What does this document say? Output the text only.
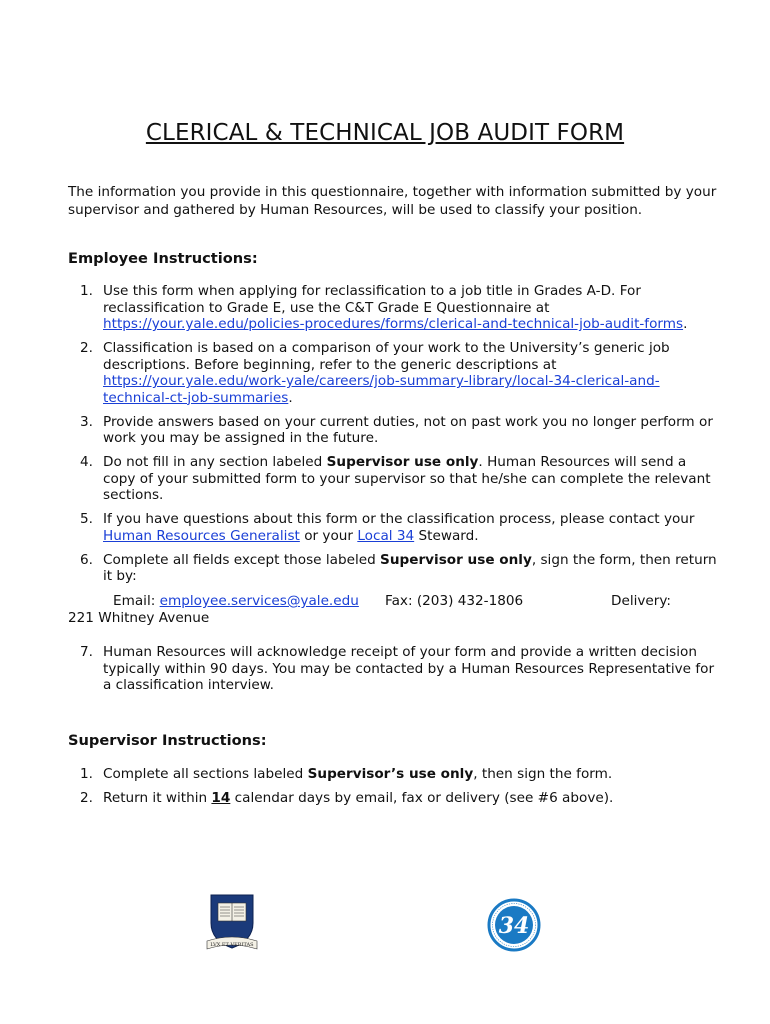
CLERICAL & TECHNICAL JOB AUDIT FORM
The information you provide in this questionnaire, together with information submitted by your supervisor and gathered by Human Resources, will be used to classify your position.
Employee Instructions:
1. Use this form when applying for reclassification to a job title in Grades A-D. For reclassification to Grade E, use the C&T Grade E Questionnaire at https://your.yale.edu/policies-procedures/forms/clerical-and-technical-job-audit-forms.
2. Classification is based on a comparison of your work to the University’s generic job descriptions. Before beginning, refer to the generic descriptions at https://your.yale.edu/work-yale/careers/job-summary-library/local-34-clerical-and-technical-ct-job-summaries.
3. Provide answers based on your current duties, not on past work you no longer perform or work you may be assigned in the future.
4. Do not fill in any section labeled Supervisor use only. Human Resources will send a copy of your submitted form to your supervisor so that he/she can complete the relevant sections.
5. If you have questions about this form or the classification process, please contact your Human Resources Generalist or your Local 34 Steward.
6. Complete all fields except those labeled Supervisor use only, sign the form, then return it by:
Email: employee.services@yale.edu Fax: (203) 432-1806	Delivery:
221 Whitney Avenue
7. Human Resources will acknowledge receipt of your form and provide a written decision typically within 90 days. You may be contacted by a Human Resources Representative for a classification interview.
Supervisor Instructions:
1. Complete all sections labeled Supervisor’s use only, then sign the form.
2. Return it within 14 calendar days by email, fax or delivery (see #6 above).
LVX ET VERITAS
34
